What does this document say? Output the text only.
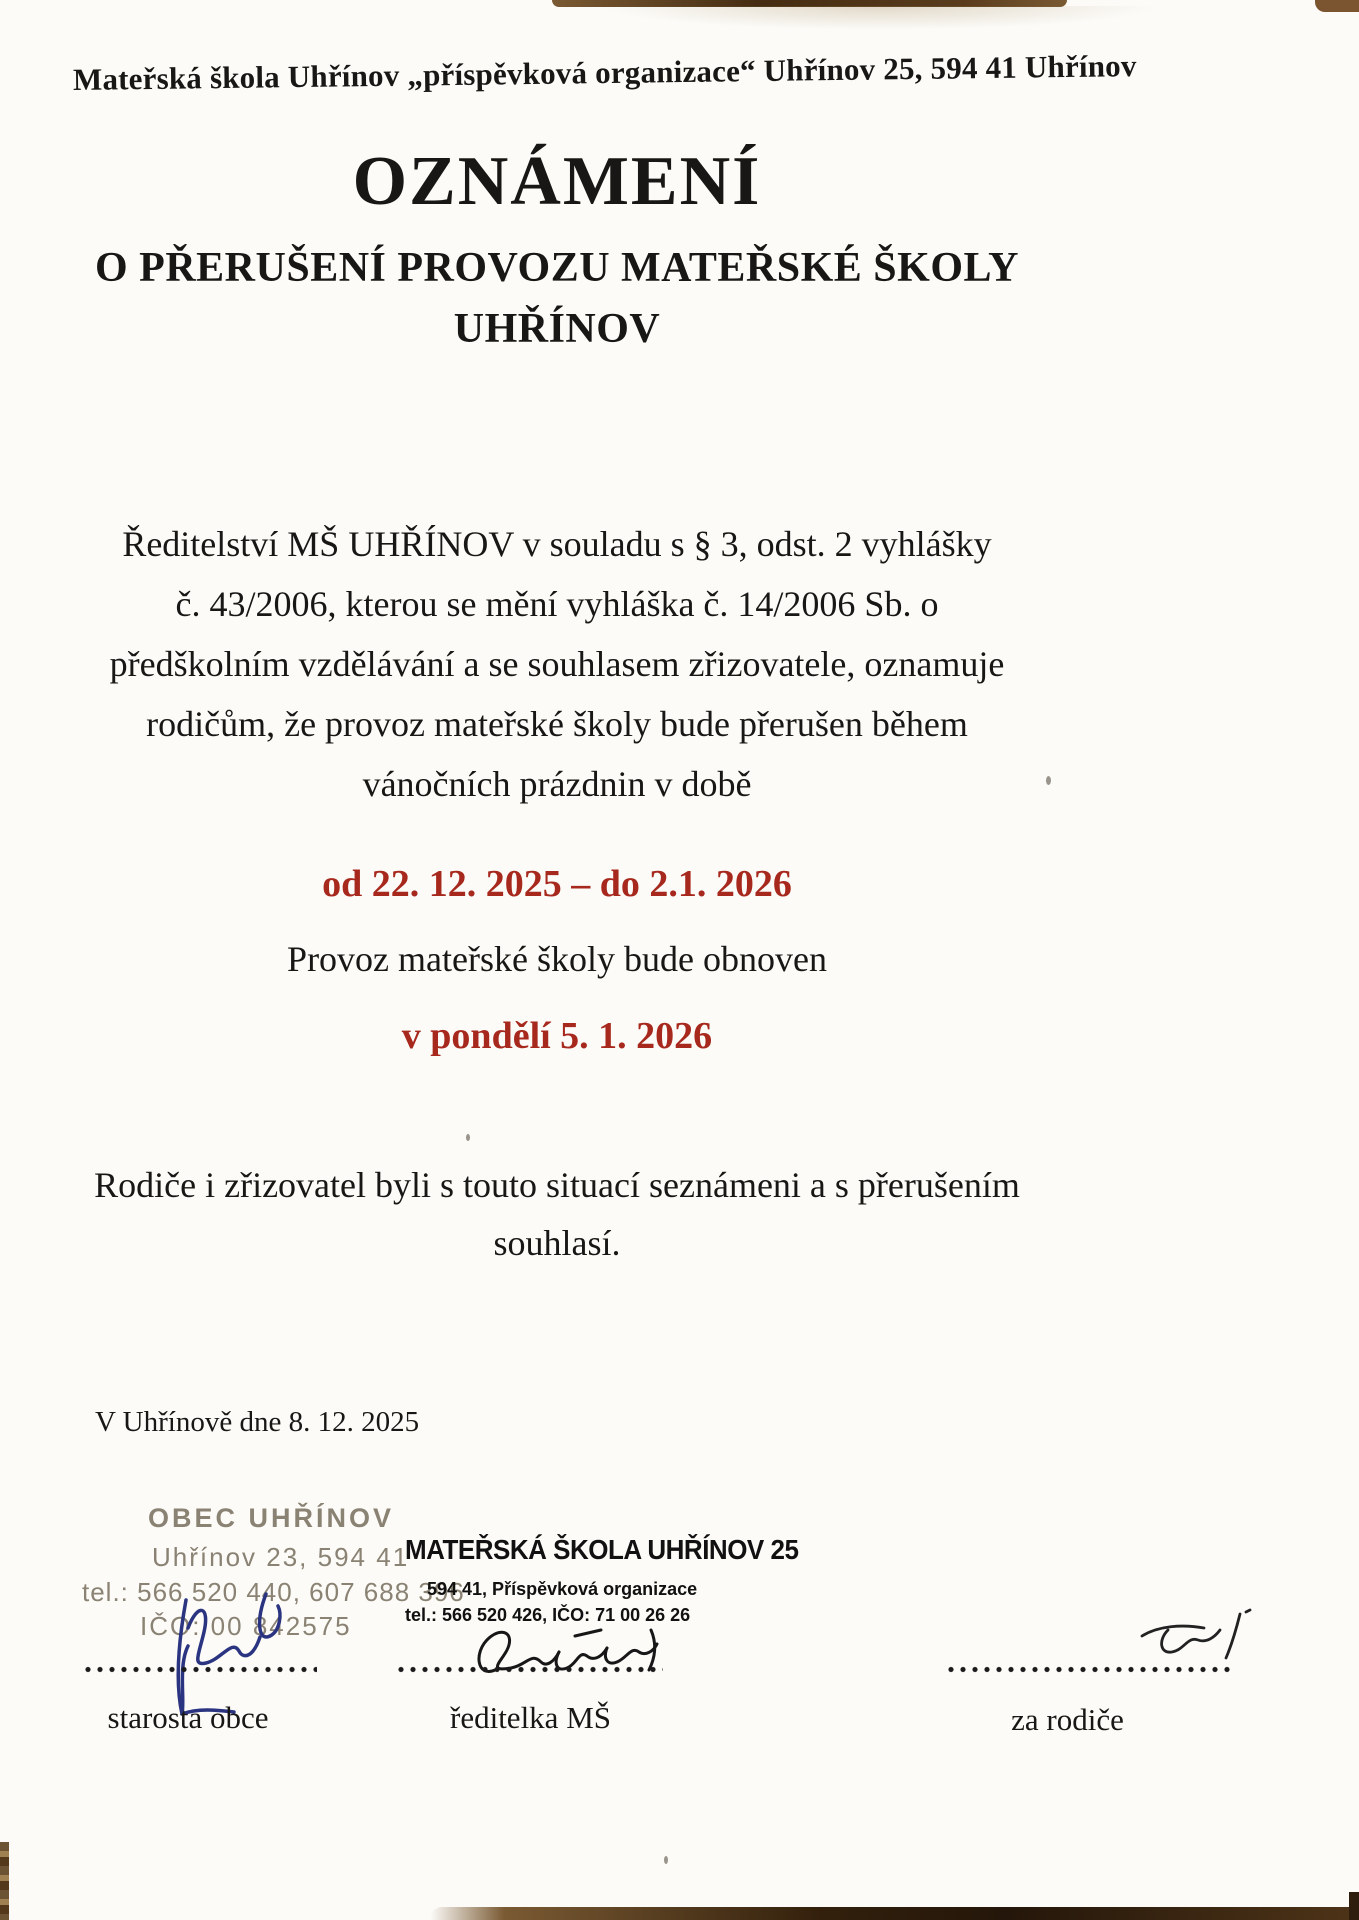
Mateřská škola Uhřínov „příspěvková organizace“ Uhřínov 25, 594 41 Uhřínov
OZNÁMENÍ
O PŘERUŠENÍ PROVOZU MATEŘSKÉ ŠKOLY
UHŘÍNOV
Ředitelství MŠ UHŘÍNOV v souladu s § 3, odst. 2 vyhlášky
č. 43/2006, kterou se mění vyhláška č. 14/2006 Sb. o
předškolním vzdělávání a se souhlasem zřizovatele, oznamuje
rodičům, že provoz mateřské školy bude přerušen během
vánočních prázdnin v době
od 22. 12. 2025 – do 2.1. 2026
Provoz mateřské školy bude obnoven
v pondělí 5. 1. 2026
Rodiče i zřizovatel byli s touto situací seznámeni a s přerušením
souhlasí.
V Uhřínově dne 8. 12. 2025
OBEC UHŘÍNOV
Uhřínov 23, 594 41
tel.: 566 520 440, 607 688 396
IČO: 00 842575
starosta obce
MATEŘSKÁ ŠKOLA UHŘÍNOV 25
594 41, Příspěvková organizace
tel.: 566 520 426, IČO: 71 00 26 26
ředitelka MŠ	za rodiče
